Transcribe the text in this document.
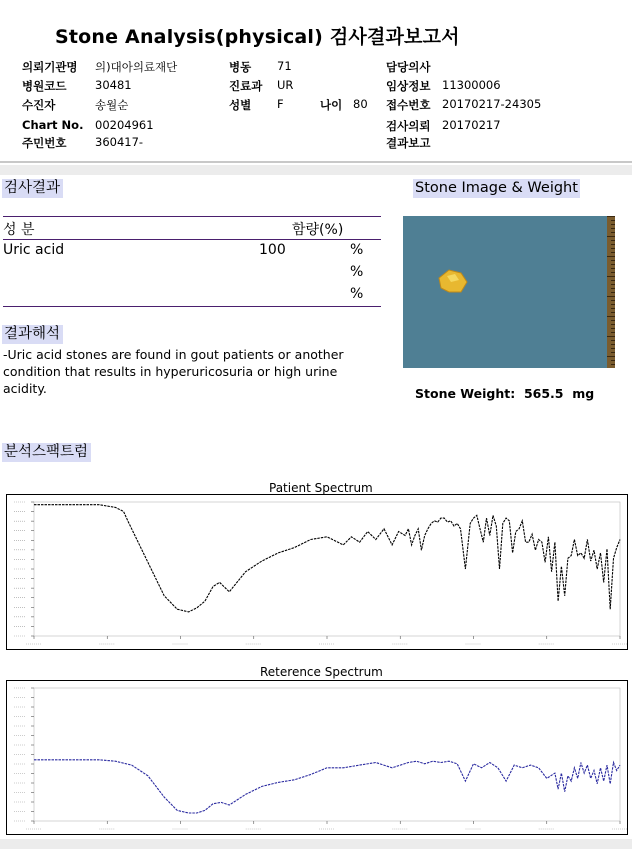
Stone Analysis(physical) 검사결과보고서
의뢰기관명 의)대아의료재단
병원코드 30481
수진자	송월순
Chart No. 00204961
주민번호 360417-
병동 71
진료과 UR
성별 F	나이 80
담당의사
임상정보 11300006
접수번호 20170217-24305
검사의뢰 20170217
결과보고
검사결과
성 분	함량(%)
Uric acid	100	%
%
%
결과해석
-Uric acid stones are found in gout patients or another condition that results in hyperuricosuria or high urine acidity.
Stone Image & Weight
Stone Weight: 565.5 mg
분석스팩트럼
Patient Spectrum
Reterence Spectrum
